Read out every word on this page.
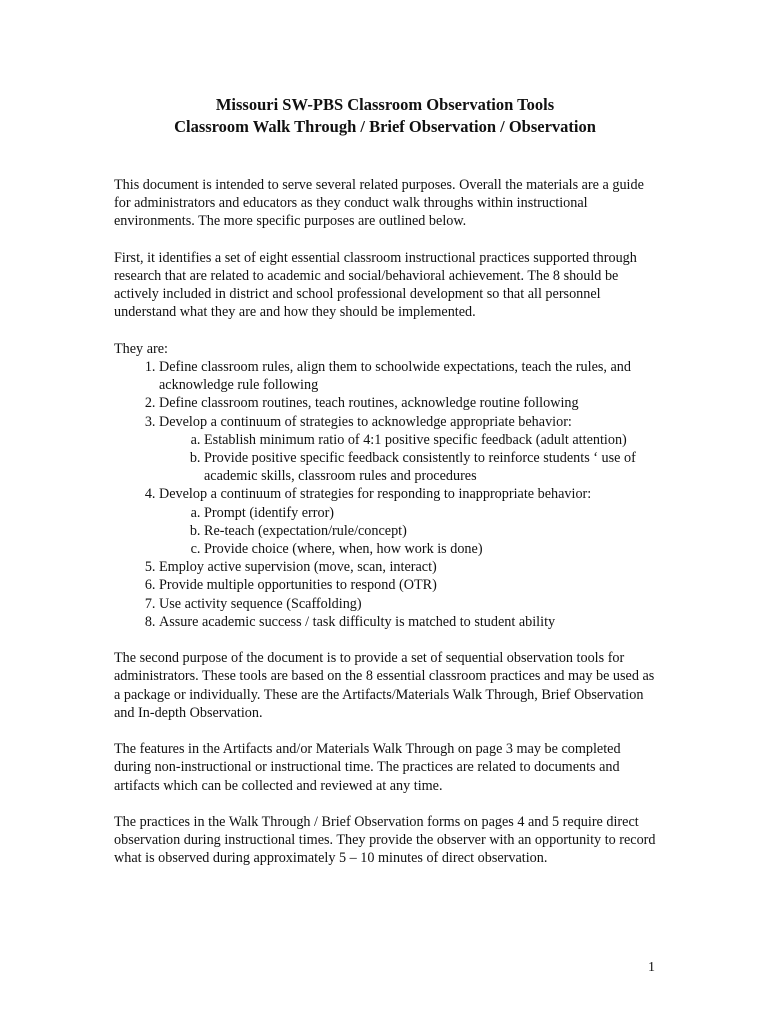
Missouri SW-PBS Classroom Observation Tools
Classroom Walk Through / Brief Observation / Observation

This document is intended to serve several related purposes. Overall the materials are a guide for administrators and educators as they conduct walk throughs within instructional environments. The more specific purposes are outlined below.

First, it identifies a set of eight essential classroom instructional practices supported through research that are related to academic and social/behavioral achievement. The 8 should be actively included in district and school professional development so that all personnel understand what they are and how they should be implemented.

They are:

1. Define classroom rules, align them to schoolwide expectations, teach the rules, and acknowledge rule following
2. Define classroom routines, teach routines, acknowledge routine following
3. Develop a continuum of strategies to acknowledge appropriate behavior:
a. Establish minimum ratio of 4:1 positive specific feedback (adult attention)
b. Provide positive specific feedback consistently to reinforce students ‘ use of academic skills, classroom rules and procedures
4. Develop a continuum of strategies for responding to inappropriate behavior:
a. Prompt (identify error)
b. Re-teach (expectation/rule/concept)
c. Provide choice (where, when, how work is done)
5. Employ active supervision (move, scan, interact)
6. Provide multiple opportunities to respond (OTR)
7. Use activity sequence (Scaffolding)
8. Assure academic success / task difficulty is matched to student ability

The second purpose of the document is to provide a set of sequential observation tools for administrators. These tools are based on the 8 essential classroom practices and may be used as a package or individually. These are the Artifacts/Materials Walk Through, Brief Observation and In-depth Observation.

The features in the Artifacts and/or Materials Walk Through on page 3 may be completed during non-instructional or instructional time. The practices are related to documents and artifacts which can be collected and reviewed at any time.

The practices in the Walk Through / Brief Observation forms on pages 4 and 5 require direct observation during instructional times. They provide the observer with an opportunity to record what is observed during approximately 5 – 10 minutes of direct observation.

1
